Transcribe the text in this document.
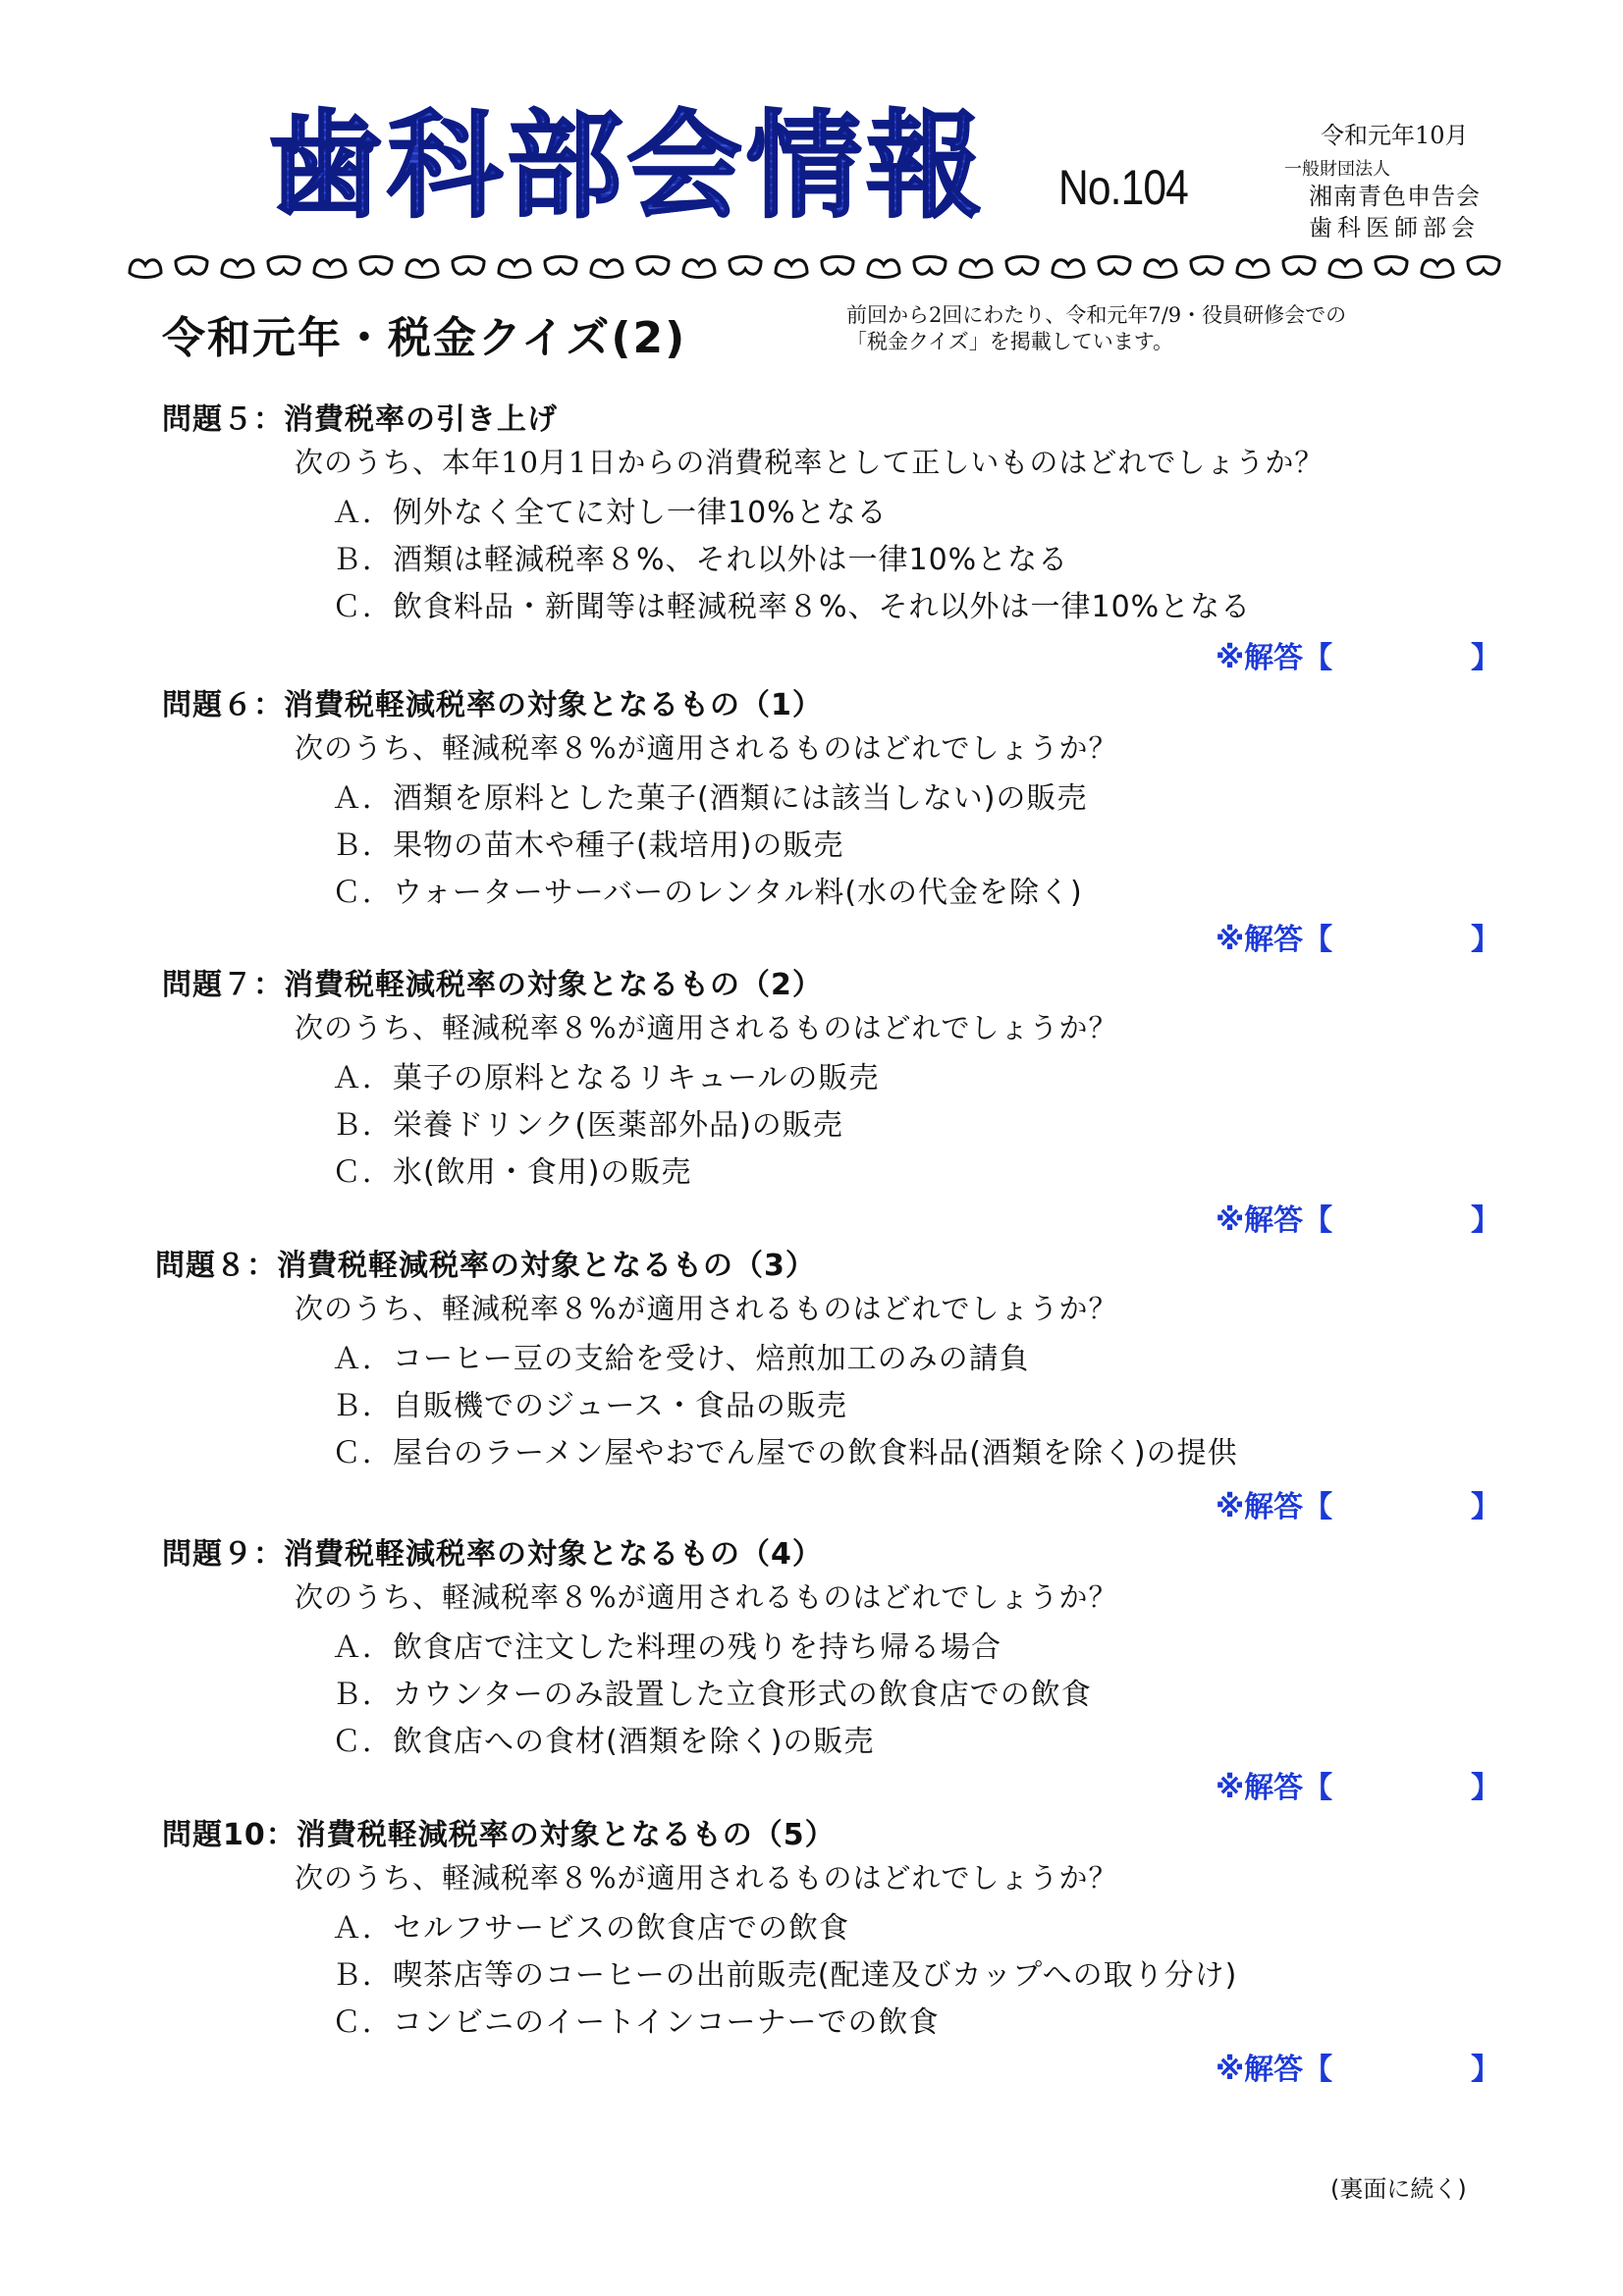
歯科部会情報 No.104
令和元年10月
一般財団法人
湘南青色申告会
歯科医師部会
令和元年・税金クイズ(2)	前回から2回にわたり、令和元年7/9・役員研修会での
「税金クイズ」を掲載しています。
問題５：消費税率の引き上げ
次のうち、本年10月1日からの消費税率として正しいものはどれでしょうか？
Ａ．例外なく全てに対し一律10%となる
Ｂ．酒類は軽減税率８%、それ以外は一律10%となる
Ｃ．飲食料品・新聞等は軽減税率８%、それ以外は一律10%となる
※解答【	】
問題６：消費税軽減税率の対象となるもの（1）
次のうち、軽減税率８%が適用されるものはどれでしょうか？
Ａ．酒類を原料とした菓子(酒類には該当しない)の販売
Ｂ．果物の苗木や種子(栽培用)の販売
Ｃ．ウォーターサーバーのレンタル料(水の代金を除く)
※解答【	】
問題７：消費税軽減税率の対象となるもの（2）
次のうち、軽減税率８%が適用されるものはどれでしょうか？
Ａ．菓子の原料となるリキュールの販売
Ｂ．栄養ドリンク(医薬部外品)の販売
Ｃ．氷(飲用・食用)の販売
※解答【	】
問題８：消費税軽減税率の対象となるもの（3）
次のうち、軽減税率８%が適用されるものはどれでしょうか？
Ａ．コーヒー豆の支給を受け、焙煎加工のみの請負
Ｂ．自販機でのジュース・食品の販売
Ｃ．屋台のラーメン屋やおでん屋での飲食料品(酒類を除く)の提供
※解答【	】
問題９：消費税軽減税率の対象となるもの（4）
次のうち、軽減税率８%が適用されるものはどれでしょうか？
Ａ．飲食店で注文した料理の残りを持ち帰る場合
Ｂ．カウンターのみ設置した立食形式の飲食店での飲食
Ｃ．飲食店への食材(酒類を除く)の販売
※解答【	】
問題10：消費税軽減税率の対象となるもの（5）
次のうち、軽減税率８%が適用されるものはどれでしょうか？
Ａ．セルフサービスの飲食店での飲食
Ｂ．喫茶店等のコーヒーの出前販売(配達及びカップへの取り分け)
Ｃ．コンビニのイートインコーナーでの飲食
※解答【	】
(裏面に続く)
